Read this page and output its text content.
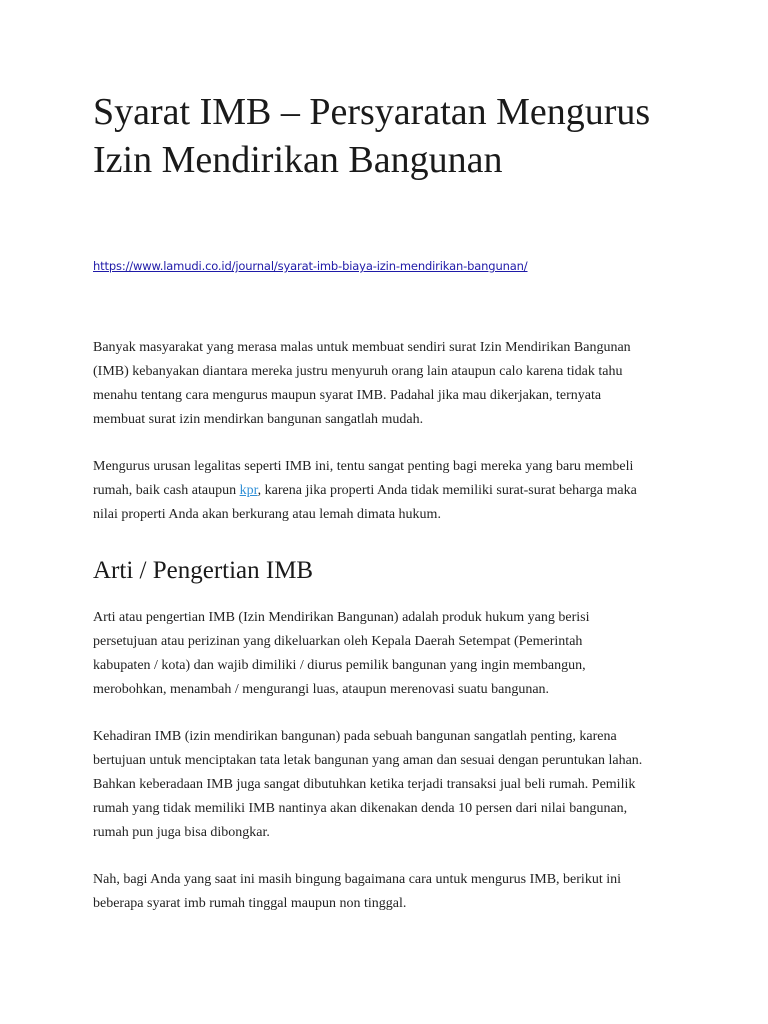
Syarat IMB – Persyaratan Mengurus Izin Mendirikan Bangunan
https://www.lamudi.co.id/journal/syarat-imb-biaya-izin-mendirikan-bangunan/

Banyak masyarakat yang merasa malas untuk membuat sendiri surat Izin Mendirikan Bangunan
(IMB) kebanyakan diantara mereka justru menyuruh orang lain ataupun calo karena tidak tahu
menahu tentang cara mengurus maupun syarat IMB. Padahal jika mau dikerjakan, ternyata
membuat surat izin mendirkan bangunan sangatlah mudah.

Mengurus urusan legalitas seperti IMB ini, tentu sangat penting bagi mereka yang baru membeli
rumah, baik cash ataupun kpr, karena jika properti Anda tidak memiliki surat-surat beharga maka
nilai properti Anda akan berkurang atau lemah dimata hukum.

Arti / Pengertian IMB

Arti atau pengertian IMB (Izin Mendirikan Bangunan) adalah produk hukum yang berisi
persetujuan atau perizinan yang dikeluarkan oleh Kepala Daerah Setempat (Pemerintah
kabupaten / kota) dan wajib dimiliki / diurus pemilik bangunan yang ingin membangun,
merobohkan, menambah / mengurangi luas, ataupun merenovasi suatu bangunan.

Kehadiran IMB (izin mendirikan bangunan) pada sebuah bangunan sangatlah penting, karena
bertujuan untuk menciptakan tata letak bangunan yang aman dan sesuai dengan peruntukan lahan.
Bahkan keberadaan IMB juga sangat dibutuhkan ketika terjadi transaksi jual beli rumah. Pemilik
rumah yang tidak memiliki IMB nantinya akan dikenakan denda 10 persen dari nilai bangunan,
rumah pun juga bisa dibongkar.

Nah, bagi Anda yang saat ini masih bingung bagaimana cara untuk mengurus IMB, berikut ini
beberapa syarat imb rumah tinggal maupun non tinggal.
